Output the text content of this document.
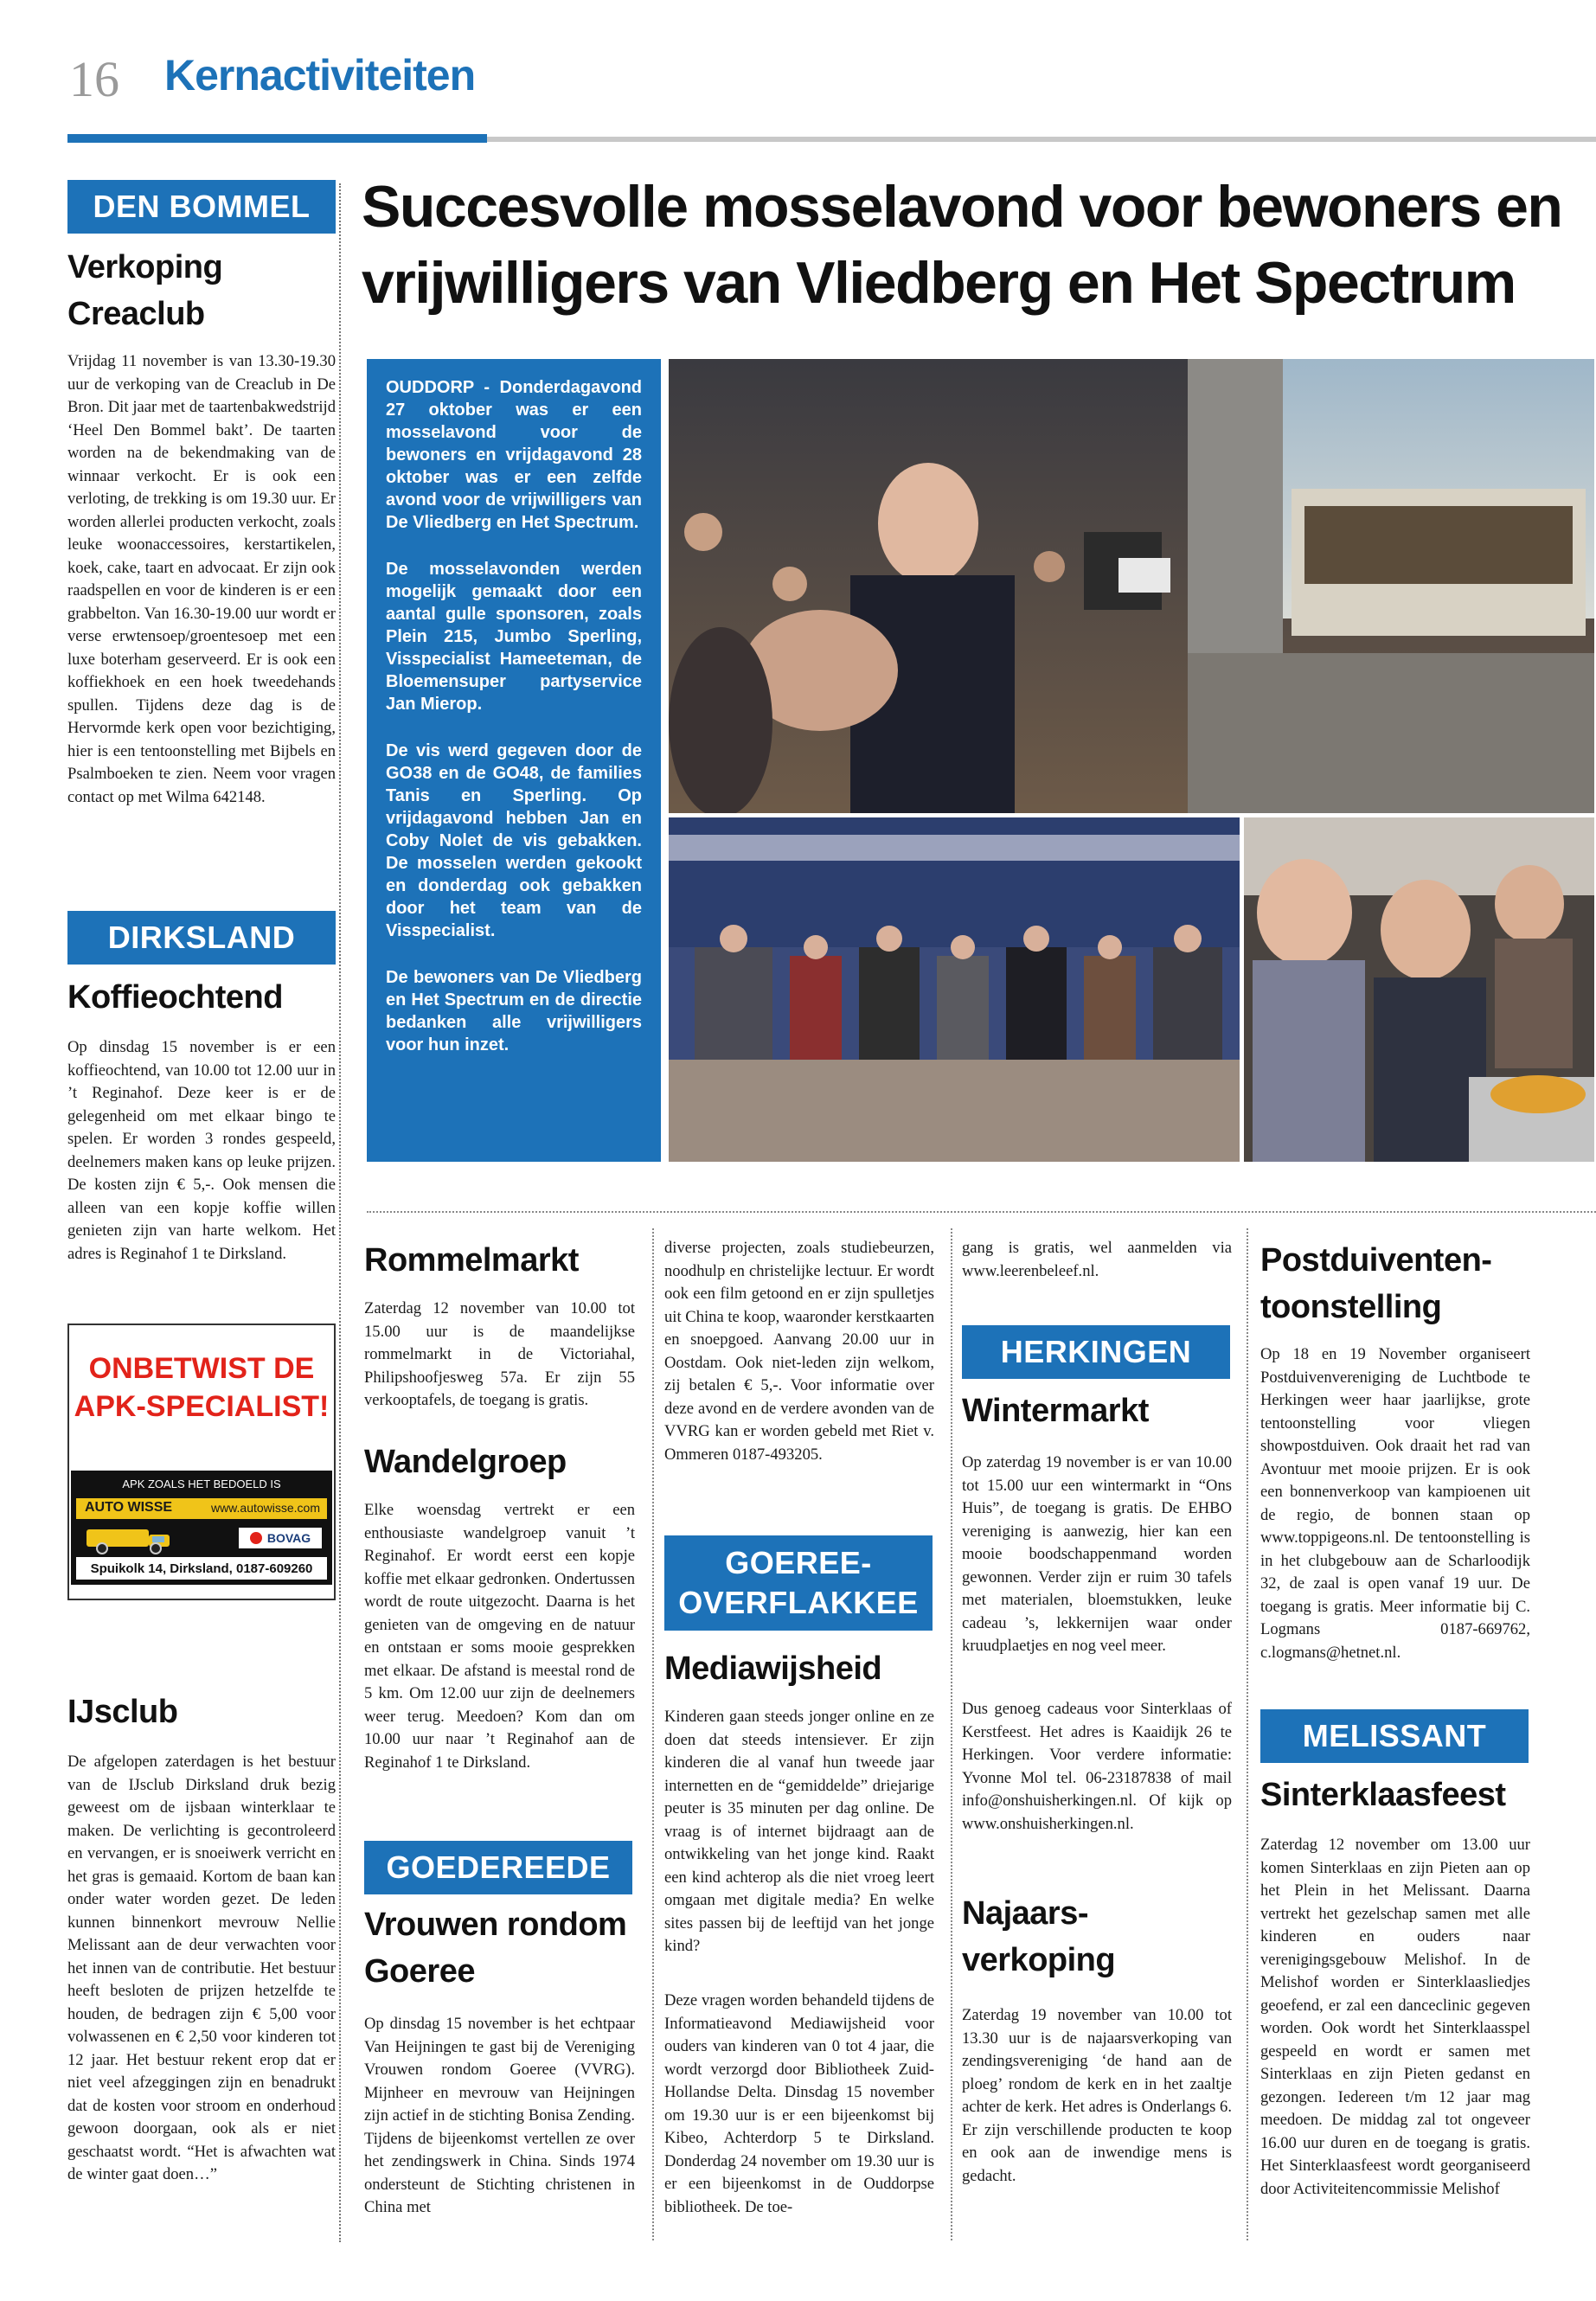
16 Kernactiviteiten
DEN BOMMEL
Verkoping
Creaclub
Vrijdag 11 november is van 13.30-19.30 uur de verkoping van de Creaclub in De Bron. Dit jaar met de taartenbakwedstrijd ‘Heel Den Bommel bakt’. De taarten worden na de bekendmaking van de winnaar verkocht. Er is ook een verloting, de trekking is om 19.30 uur. Er worden allerlei producten verkocht, zoals leuke woonaccessoires, kerstartikelen, koek, cake, taart en advocaat. Er zijn ook raadspellen en voor de kinderen is er een grabbelton. Van 16.30-19.00 uur wordt er verse erwtensoep/groentesoep met een luxe boterham geserveerd. Er is ook een koffiekhoek en een hoek tweedehands spullen. Tijdens deze dag is de Hervormde kerk open voor bezichtiging, hier is een tentoonstelling met Bijbels en Psalmboeken te zien. Neem voor vragen contact op met Wilma 642148.
DIRKSLAND
Koffieochtend
Op dinsdag 15 november is er een koffieochtend, van 10.00 tot 12.00 uur in ’t Reginahof. Deze keer is er de gelegenheid om met elkaar bingo te spelen. Er worden 3 rondes gespeeld, deelnemers maken kans op leuke prijzen. De kosten zijn € 5,-. Ook mensen die alleen van een kopje koffie willen genieten zijn van harte welkom. Het adres is Reginahof 1 te Dirksland.
ONBETWIST DE
APK-SPECIALIST!
APK ZOALS HET BEDOELD IS
AUTO WISSE	www.autowisse.com
BOVAG
Spuikolk 14, Dirksland, 0187-609260
IJsclub
De afgelopen zaterdagen is het bestuur van de IJsclub Dirksland druk bezig geweest om de ijsbaan winterklaar te maken. De verlichting is gecontroleerd en vervangen, er is snoeiwerk verricht en het gras is gemaaid. Kortom de baan kan onder water worden gezet. De leden kunnen binnenkort mevrouw Nellie Melissant aan de deur verwachten voor het innen van de contributie. Het bestuur heeft besloten de prijzen hetzelfde te houden, de bedragen zijn € 5,00 voor volwassenen en € 2,50 voor kinderen tot 12 jaar. Het bestuur rekent erop dat er niet veel afzeggingen zijn en benadrukt dat de kosten voor stroom en onderhoud gewoon doorgaan, ook als er niet geschaatst wordt. “Het is afwachten wat de winter gaat doen…”
Succesvolle mosselavond voor bewoners en vrijwilligers van Vliedberg en Het Spectrum

OUDDORP - Donderdagavond 27 oktober was er een mosselavond voor de bewoners en vrijdagavond 28 oktober was er een zelfde avond voor de vrijwilligers van De Vliedberg en Het Spectrum.

De mosselavonden werden mogelijk gemaakt door een aantal gulle sponsoren, zoals Plein 215, Jumbo Sperling, Visspecialist Hameeteman, de Bloemensuper partyservice Jan Mierop.

De vis werd gegeven door de GO38 en de GO48, de families Tanis en Sperling. Op vrijdagavond hebben Jan en Coby Nolet de vis gebakken. De mosselen werden gekookt en donderdag ook gebakken door het team van de Visspecialist.

De bewoners van De Vliedberg en Het Spectrum en de directie bedanken alle vrijwilligers voor hun inzet.

Rommelmarkt
Zaterdag 12 november van 10.00 tot 15.00 uur is de maandelijkse rommelmarkt in de Victoriahal, Philipshoofjesweg 57a. Er zijn 55 verkooptafels, de toegang is gratis.
Wandelgroep
Elke woensdag vertrekt er een enthousiaste wandelgroep vanuit ’t Reginahof. Er wordt eerst een kopje koffie met elkaar gedronken. Ondertussen wordt de route uitgezocht. Daarna is het genieten van de omgeving en de natuur en ontstaan er soms mooie gesprekken met elkaar. De afstand is meestal rond de 5 km. Om 12.00 uur zijn de deelnemers weer terug. Meedoen? Kom dan om 10.00 uur naar ’t Reginahof aan de Reginahof 1 te Dirksland.
GOEDEREEDE
Vrouwen rondom
Goeree
Op dinsdag 15 november is het echtpaar Van Heijningen te gast bij de Vereniging Vrouwen rondom Goeree (VVRG). Mijnheer en mevrouw van Heijningen zijn actief in de stichting Bonisa Zending. Tijdens de bijeenkomst vertellen ze over het zendingswerk in China. Sinds 1974 ondersteunt de Stichting christenen in China met
diverse projecten, zoals studiebeurzen, noodhulp en christelijke lectuur. Er wordt ook een film getoond en er zijn spulletjes uit China te koop, waaronder kerstkaarten en snoepgoed. Aanvang 20.00 uur in Oostdam. Ook niet-leden zijn welkom, zij betalen € 5,-. Voor informatie over deze avond en de verdere avonden van de VVRG kan er worden gebeld met Riet v. Ommeren 0187-493205.
GOEREE-
OVERFLAKKEE
Mediawijsheid
Kinderen gaan steeds jonger online en ze doen dat steeds intensiever. Er zijn kinderen die al vanaf hun tweede jaar internetten en de “gemiddelde” driejarige peuter is 35 minuten per dag online. De vraag is of internet bijdraagt aan de ontwikkeling van het jonge kind. Raakt een kind achterop als die niet vroeg leert omgaan met digitale media? En welke sites passen bij de leeftijd van het jonge kind?
Deze vragen worden behandeld tijdens de Informatieavond Mediawijsheid voor ouders van kinderen van 0 tot 4 jaar, die wordt verzorgd door Bibliotheek Zuid-Hollandse Delta. Dinsdag 15 november om 19.30 uur is er een bijeenkomst bij Kibeo, Achterdorp 5 te Dirksland. Donderdag 24 november om 19.30 uur is er een bijeenkomst in de Ouddorpse bibliotheek. De toe-
gang is gratis, wel aanmelden via www.leerenbeleef.nl.
HERKINGEN
Wintermarkt
Op zaterdag 19 november is er van 10.00 tot 15.00 uur een wintermarkt in “Ons Huis”, de toegang is gratis. De EHBO vereniging is aanwezig, hier kan een mooie boodschappenmand worden gewonnen. Verder zijn er ruim 30 tafels met materialen, bloemstukken, leuke cadeau ’s, lekkernijen waar onder kruudplaetjes en nog veel meer.
Dus genoeg cadeaus voor Sinterklaas of Kerstfeest. Het adres is Kaaidijk 26 te Herkingen. Voor verdere informatie: Yvonne Mol tel. 06-23187838 of mail info@onshuisherkingen.nl. Of kijk op www.onshuisherkingen.nl.
Najaars-
verkoping
Zaterdag 19 november van 10.00 tot 13.30 uur is de najaarsverkoping van zendingsvereniging ‘de hand aan de ploeg’ rondom de kerk en in het zaaltje achter de kerk. Het adres is Onderlangs 6. Er zijn verschillende producten te koop en ook aan de inwendige mens is gedacht.
Postduiventen-
toonstelling
Op 18 en 19 November organiseert Postduivenvereniging de Luchtbode te Herkingen weer haar jaarlijkse, grote tentoonstelling voor vliegen showpostduiven. Ook draait het rad van Avontuur met mooie prijzen. Er is ook een bonnenverkoop van kampioenen uit de regio, de bonnen staan op www.toppigeons.nl. De tentoonstelling is in het clubgebouw aan de Scharloodijk 32, de zaal is open vanaf 19 uur. De toegang is gratis. Meer informatie bij C. Logmans 0187-669762, c.logmans@hetnet.nl.
MELISSANT
Sinterklaasfeest
Zaterdag 12 november om 13.00 uur komen Sinterklaas en zijn Pieten aan op het Plein in het Melissant. Daarna vertrekt het gezelschap samen met alle kinderen en ouders naar verenigingsgebouw Melishof. In de Melishof worden er Sinterklaasliedjes geoefend, er zal een danceclinic gegeven worden. Ook wordt het Sinterklaasspel gespeeld en wordt er samen met Sinterklaas en zijn Pieten gedanst en gezongen. Iedereen t/m 12 jaar mag meedoen. De middag zal tot ongeveer 16.00 uur duren en de toegang is gratis. Het Sinterklaasfeest wordt georganiseerd door Activiteitencommissie Melishof
